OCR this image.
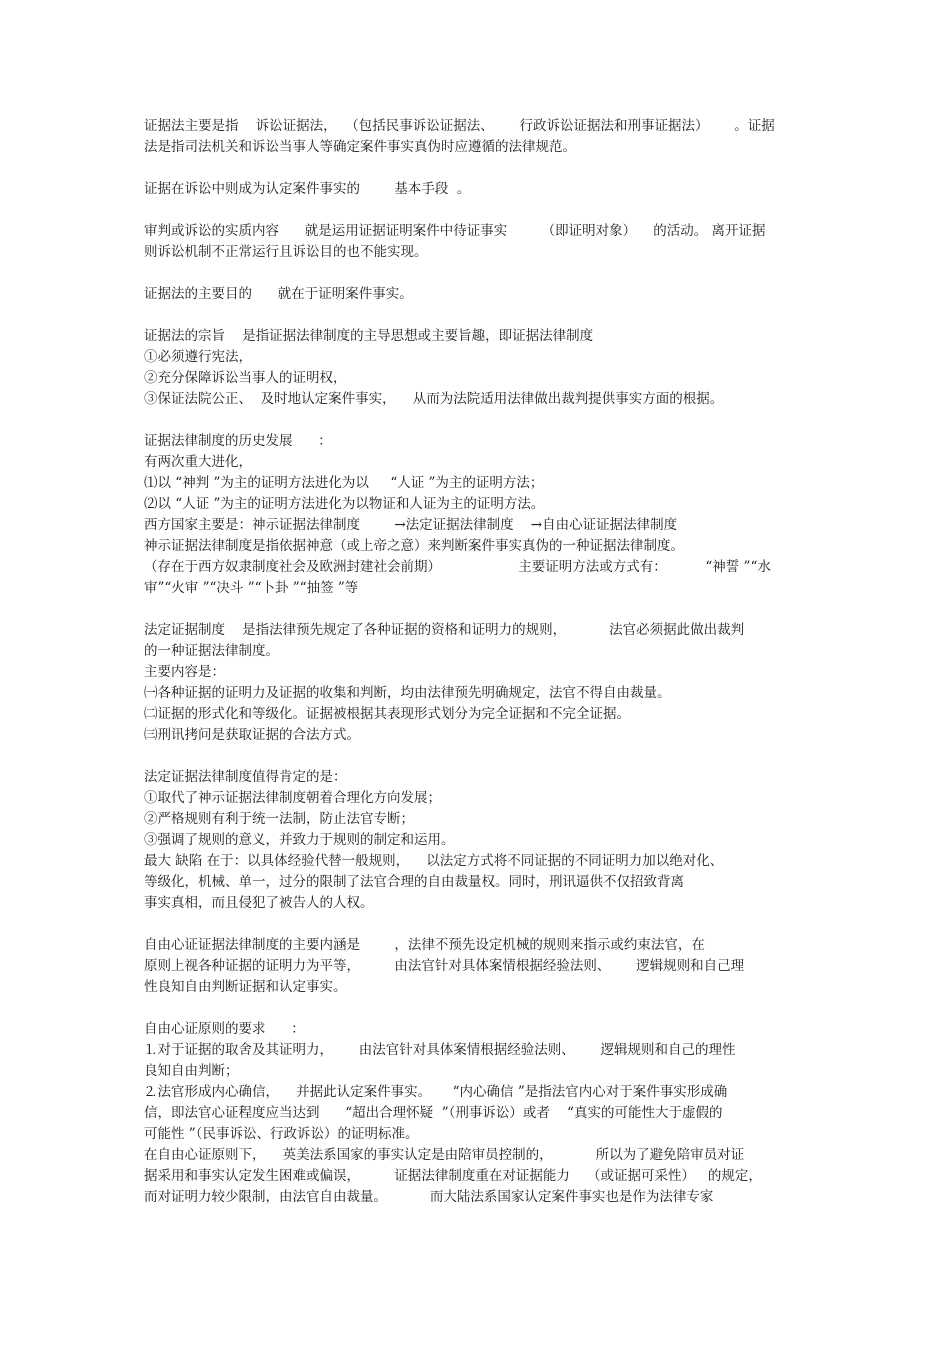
证据法主要是指    诉讼证据法，  （包括民事诉讼证据法、      行政诉讼证据法和刑事证据法）      。证据
法是指司法机关和诉讼当事人等确定案件事实真伪时应遵循的法律规范。
证据在诉讼中则成为认定案件事实的        基本手段  。
审判或诉讼的实质内容      就是运用证据证明案件中待证事实        （即证明对象）    的活动。 离开证据
则诉讼机制不正常运行且诉讼目的也不能实现。
证据法的主要目的      就在于证明案件事实。
证据法的宗旨    是指证据法律制度的主导思想或主要旨趣，即证据法律制度
①必须遵行宪法，
②充分保障诉讼当事人的证明权，
③保证法院公正、  及时地认定案件事实，    从而为法院适用法律做出裁判提供事实方面的根据。
证据法律制度的历史发展      ：
有两次重大进化，
⑴以 “神判 ”为主的证明方法进化为以     “人证 ”为主的证明方法；
⑵以 “人证 ”为主的证明方法进化为以物证和人证为主的证明方法。
西方国家主要是：神示证据法律制度        →法定证据法律制度    →自由心证证据法律制度
神示证据法律制度是指依据神意（或上帝之意）来判断案件事实真伪的一种证据法律制度。
（存在于西方奴隶制度社会及欧洲封建社会前期）                  主要证明方法或方式有：         “神誓 ”“水
审”“火审 ”“决斗 ”“卜卦 ”“抽签 ”等
法定证据制度    是指法律预先规定了各种证据的资格和证明力的规则，          法官必须据此做出裁判
的一种证据法律制度。
主要内容是：
㈠各种证据的证明力及证据的收集和判断，均由法律预先明确规定，法官不得自由裁量。
㈡证据的形式化和等级化。证据被根据其表现形式划分为完全证据和不完全证据。
㈢刑讯拷问是获取证据的合法方式。
法定证据法律制度值得肯定的是：
①取代了神示证据法律制度朝着合理化方向发展；
②严格规则有利于统一法制，防止法官专断；
③强调了规则的意义，并致力于规则的制定和运用。
最大 缺陷 在于：以具体经验代替一般规则，    以法定方式将不同证据的不同证明力加以绝对化、
等级化，机械、单一，过分的限制了法官合理的自由裁量权。同时，刑讯逼供不仅招致背离
事实真相，而且侵犯了被告人的人权。
自由心证证据法律制度的主要内涵是        ，法律不预先设定机械的规则来指示或约束法官，在
原则上视各种证据的证明力为平等，        由法官针对具体案情根据经验法则、      逻辑规则和自己理
性良知自由判断证据和认定事实。
自由心证原则的要求      ：
⒈对于证据的取舍及其证明力，      由法官针对具体案情根据经验法则、      逻辑规则和自己的理性
良知自由判断；
⒉法官形成内心确信，    并据此认定案件事实。     “内心确信 ”是指法官内心对于案件事实形成确
信，即法官心证程度应当达到      “超出合理怀疑  ”（刑事诉讼）或者    “真实的可能性大于虚假的
可能性 ”（民事诉讼、行政诉讼）的证明标准。
在自由心证原则下，    英美法系国家的事实认定是由陪审员控制的，          所以为了避免陪审员对证
据采用和事实认定发生困难或偏误，        证据法律制度重在对证据能力    （或证据可采性）   的规定，
而对证明力较少限制，由法官自由裁量。          而大陆法系国家认定案件事实也是作为法律专家
